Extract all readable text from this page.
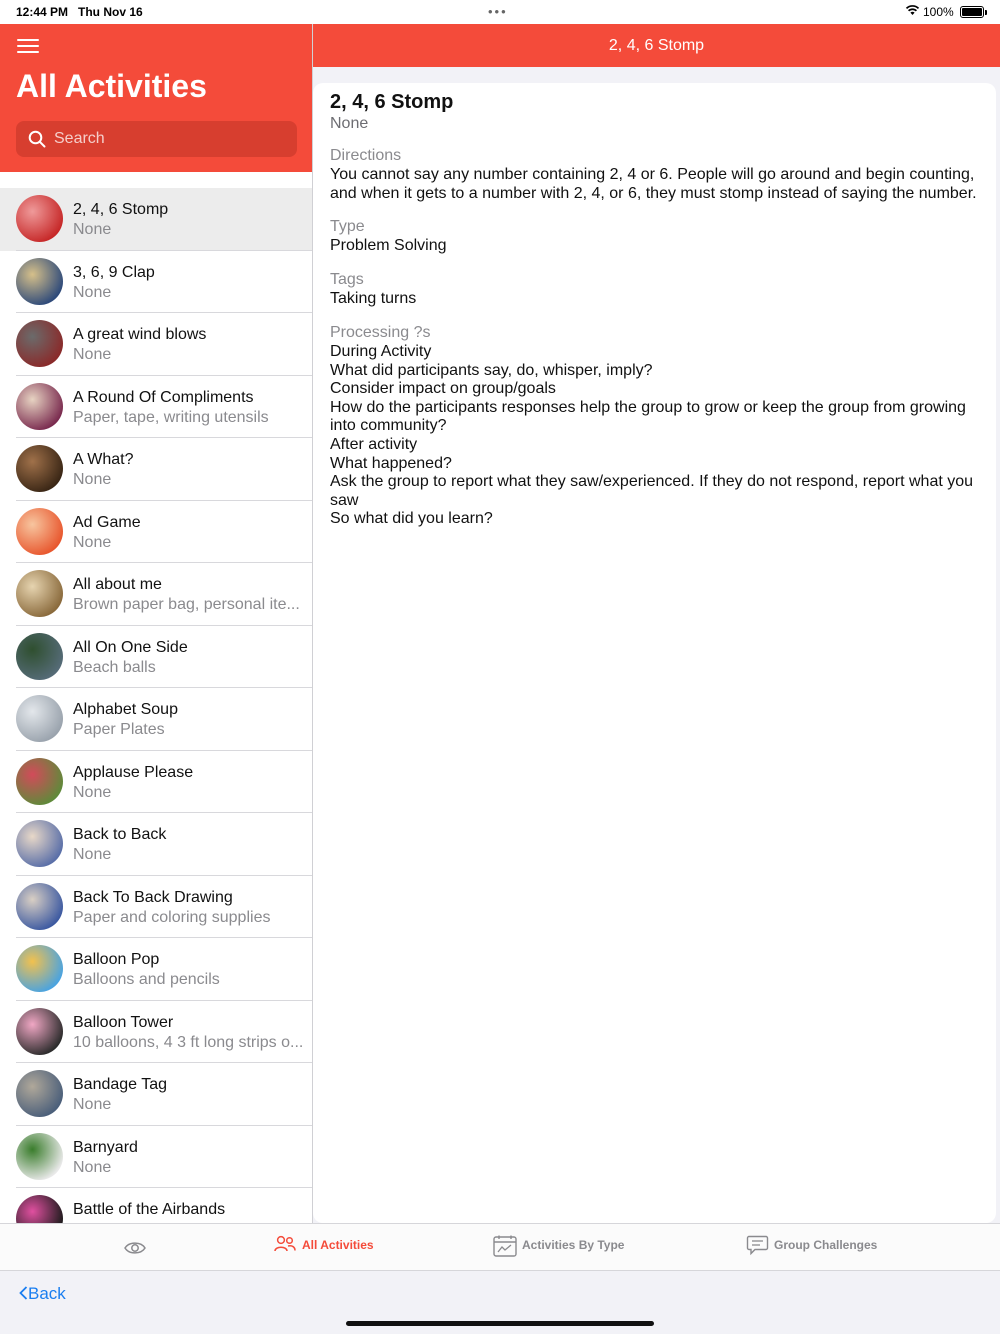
12:44 PM Thu Nov 16	•••	100%
All Activities
Search
2, 4, 6 Stomp
None
3, 6, 9 Clap
None
A great wind blows
None
A Round Of Compliments
Paper, tape, writing utensils
A What?
None
Ad Game
None
All about me
Brown paper bag, personal ite...
All On One Side
Beach balls
Alphabet Soup
Paper Plates
Applause Please
None
Back to Back
None
Back To Back Drawing
Paper and coloring supplies
Balloon Pop
Balloons and pencils
Balloon Tower
10 balloons, 4 3 ft long strips o...
Bandage Tag
None
Barnyard
None
Battle of the Airbands
2, 4, 6 Stomp
2, 4, 6 Stomp
None
Directions
You cannot say any number containing 2, 4 or 6. People will go around and begin counting, and when it gets to a number with 2, 4, or 6, they must stomp instead of saying the number.
Type
Problem Solving
Tags
Taking turns
Processing ?s
During Activity
What did participants say, do, whisper, imply?
Consider impact on group/goals
How do the participants responses help the group to grow or keep the group from growing into community?
After activity
What happened?
Ask the group to report what they saw/experienced. If they do not respond, report what you saw
So what did you learn?
All Activities	Activities By Type	Group Challenges
Back
